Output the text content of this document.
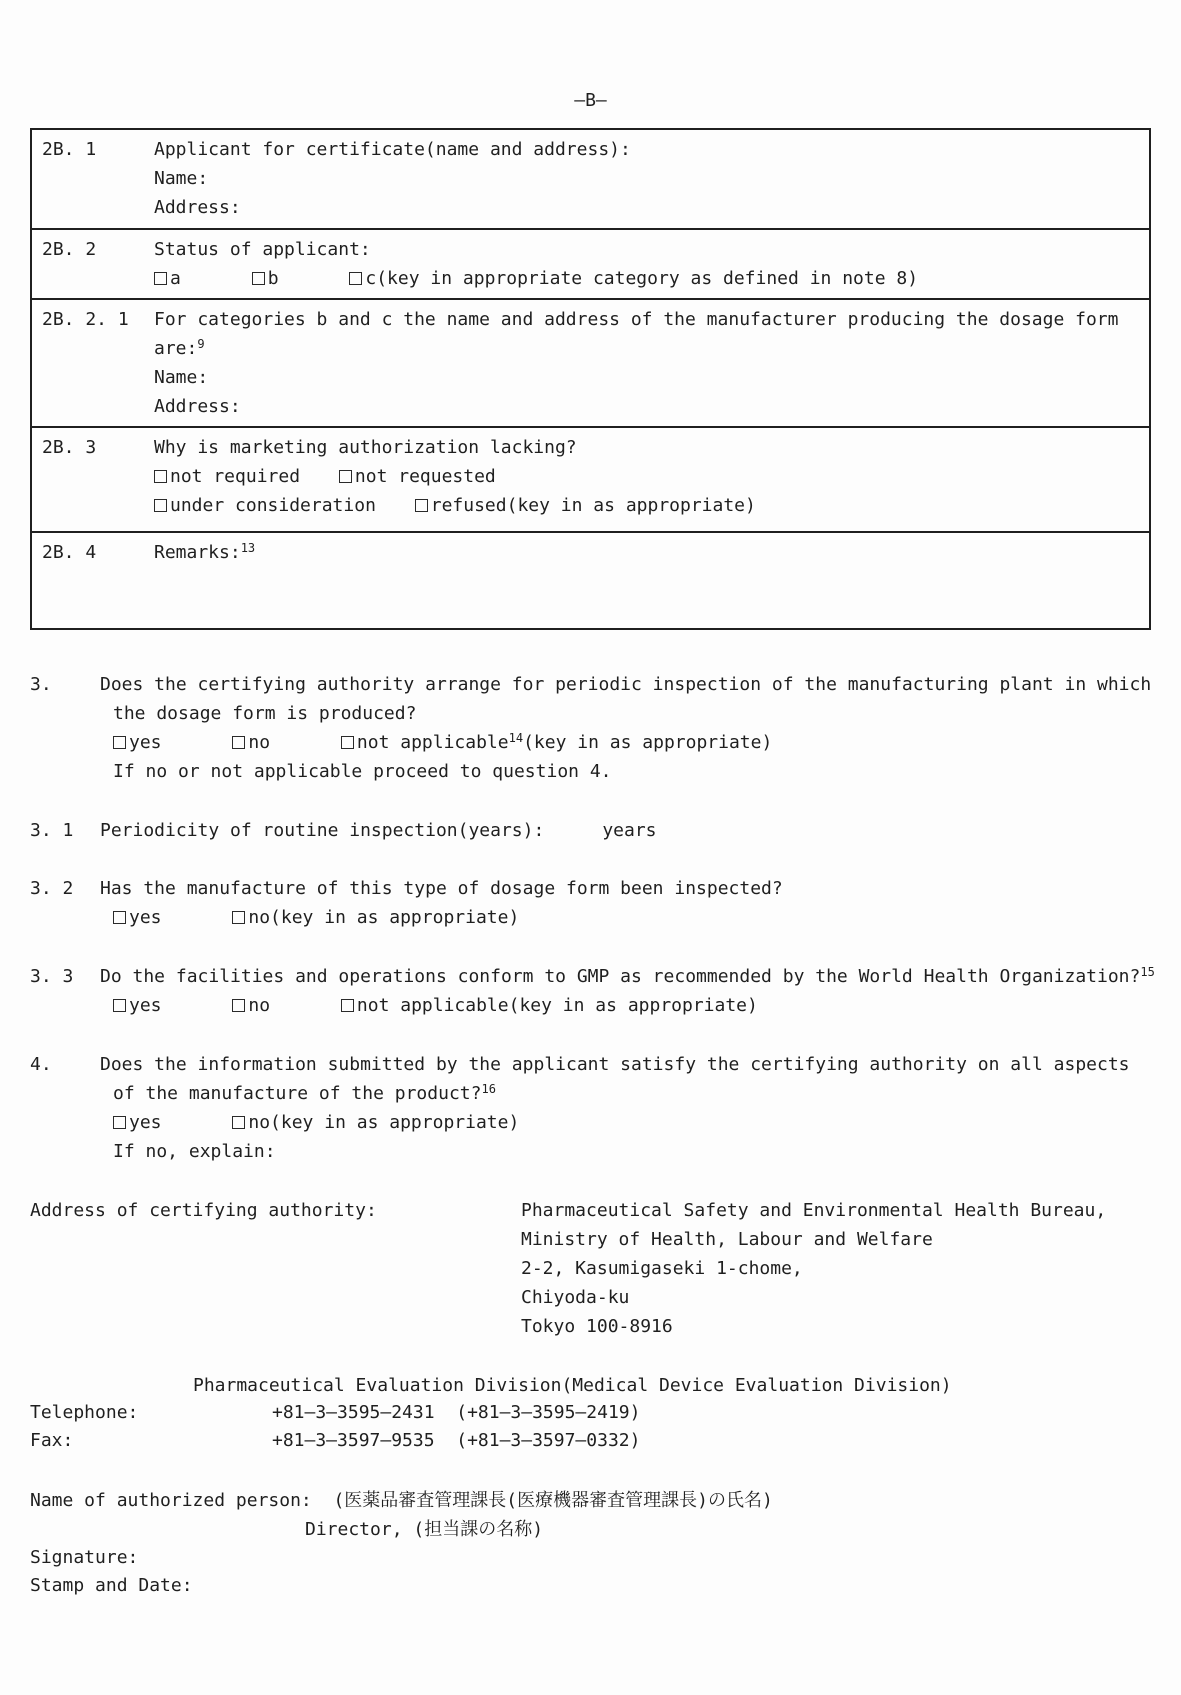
—B—
2B. 1	Applicant for certificate(name and address):
Name:
Address:
2B. 2	Status of applicant:
a	b	c(key in appropriate category as defined in note 8)
2B. 2. 1	For categories b and c the name and address of the manufacturer producing the dosage form
are:$^9$
Name:
Address:
2B. 3	Why is marketing authorization lacking?
not required	not requested
under consideration	refused(key in as appropriate)
2B. 4	Remarks:$^{13}$
3.	Does the certifying authority arrange for periodic inspection of the manufacturing plant in which
the dosage form is produced?
yes	no	not applicable$^{14}$(key in as appropriate)
If no or not applicable proceed to question 4.
3. 1	Periodicity of routine inspection(years):	years
3. 2	Has the manufacture of this type of dosage form been inspected?
yes	no(key in as appropriate)
3. 3	Do the facilities and operations conform to GMP as recommended by the World Health Organization?$^{15}$
yes	no	not applicable(key in as appropriate)
4.	Does the information submitted by the applicant satisfy the certifying authority on all aspects
of the manufacture of the product?$^{16}$
yes	no(key in as appropriate)
If no, explain:
Address of certifying authority:	Pharmaceutical Safety and Environmental Health Bureau,
Ministry of Health, Labour and Welfare
2-2, Kasumigaseki 1-chome,
Chiyoda-ku
Tokyo 100-8916
Pharmaceutical Evaluation Division(Medical Device Evaluation Division)
Telephone:	+81—3—3595—2431  (+81—3—3595—2419)
Fax:	+81—3—3597—9535  (+81—3—3597—0332)
Name of authorized person: (医薬品審査管理課長(医療機器審査管理課長)の氏名)
Director, (担当課の名称)
Signature:
Stamp and Date:
